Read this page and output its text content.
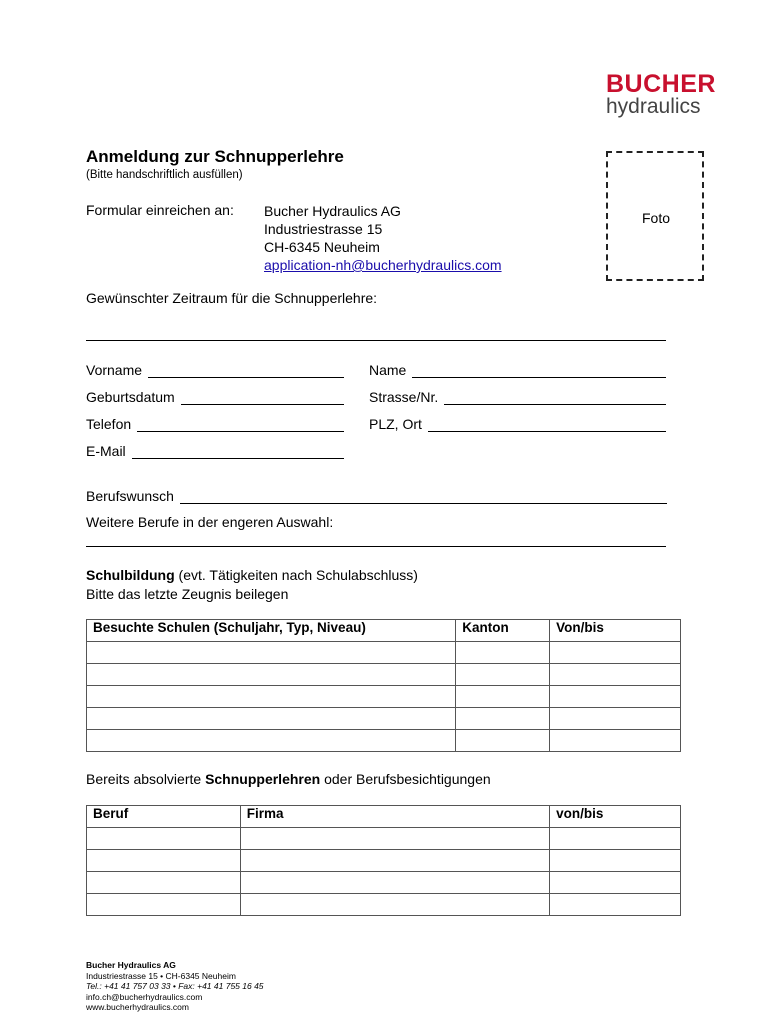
BUCHER
hydraulics
Anmeldung zur Schnupperlehre
(Bitte handschriftlich ausfüllen)
Formular einreichen an: Bucher Hydraulics AG
Industriestrasse 15
CH-6345 Neuheim
application-nh@bucherhydraulics.com
Foto
Gewünschter Zeitraum für die Schnupperlehre:
Vorname	Name
Geburtsdatum	Strasse/Nr.
Telefon	PLZ, Ort
E-Mail
Berufswunsch
Weitere Berufe in der engeren Auswahl:
Schulbildung (evt. Tätigkeiten nach Schulabschluss)
Bitte das letzte Zeugnis beilegen
Besuchte Schulen (Schuljahr, Typ, Niveau)	Kanton	Von/bis

Bereits absolvierte Schnupperlehren oder Berufsbesichtigungen
Beruf	Firma	von/bis

Bucher Hydraulics AG
Industriestrasse 15 • CH-6345 Neuheim
Tel.: +41 41 757 03 33 • Fax: +41 41 755 16 45
info.ch@bucherhydraulics.com
www.bucherhydraulics.com
